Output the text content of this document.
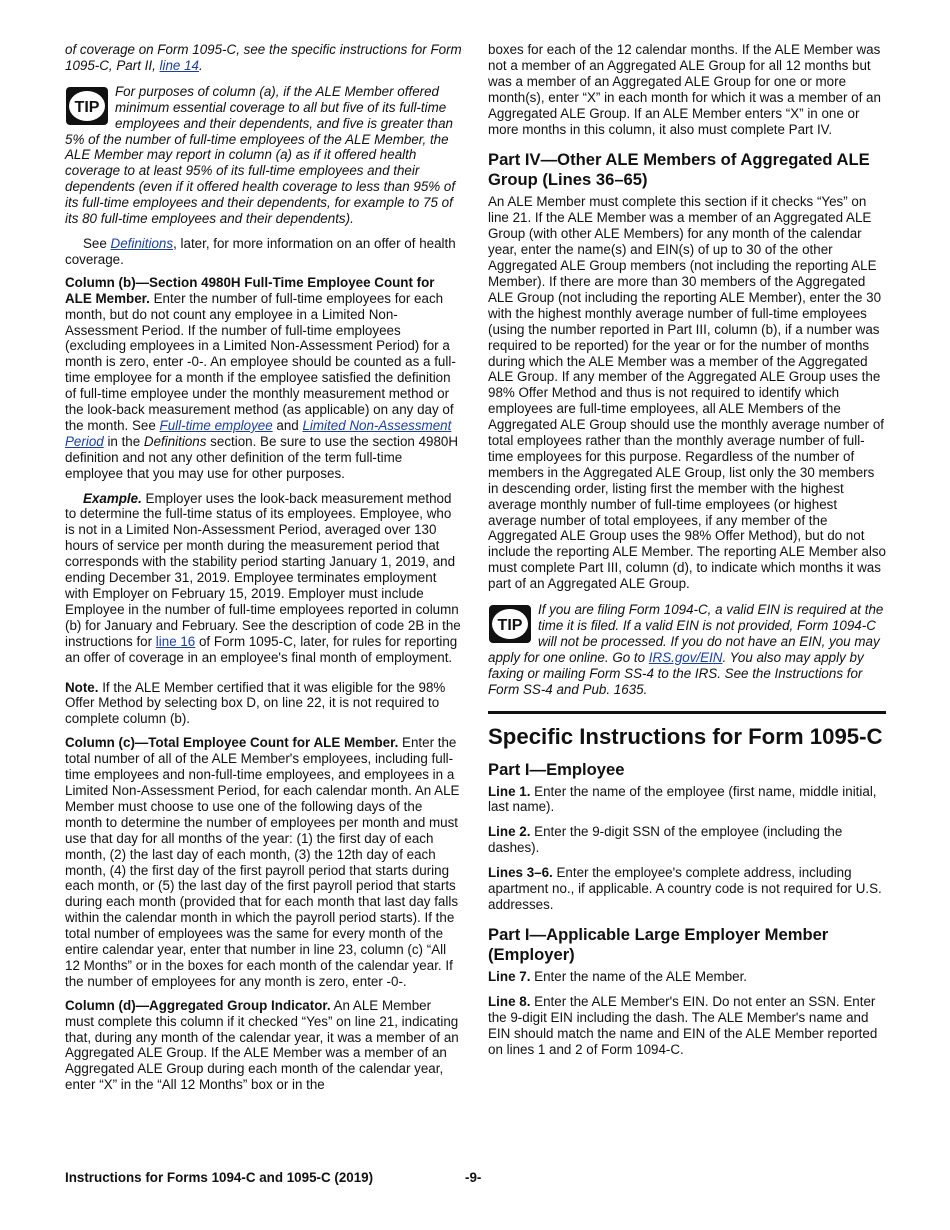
of coverage on Form 1095-C, see the specific instructions for Form 1095-C, Part II, line 14.

TIP

For purposes of column (a), if the ALE Member offered minimum essential coverage to all but five of its full-time employees and their dependents, and five is greater than 5% of the number of full-time employees of the ALE Member, the ALE Member may report in column (a) as if it offered health coverage to at least 95% of its full-time employees and their dependents (even if it offered health coverage to less than 95% of its full-time employees and their dependents, for example to 75 of its 80 full-time employees and their dependents).

See Definitions, later, for more information on an offer of health coverage.

Column (b)—Section 4980H Full-Time Employee Count for ALE Member. Enter the number of full-time employees for each month, but do not count any employee in a Limited Non-Assessment Period. If the number of full-time employees (excluding employees in a Limited Non-Assessment Period) for a month is zero, enter -0-. An employee should be counted as a full-time employee for a month if the employee satisfied the definition of full-time employee under the monthly measurement method or the look-back measurement method (as applicable) on any day of the month. See Full-time employee and Limited Non-Assessment Period in the Definitions section. Be sure to use the section 4980H definition and not any other definition of the term full-time employee that you may use for other purposes.

Example. Employer uses the look-back measurement method to determine the full-time status of its employees. Employee, who is not in a Limited Non-Assessment Period, averaged over 130 hours of service per month during the measurement period that corresponds with the stability period starting January 1, 2019, and ending December 31, 2019. Employee terminates employment with Employer on February 15, 2019. Employer must include Employee in the number of full-time employees reported in column (b) for January and February. See the description of code 2B in the instructions for line 16 of Form 1095-C, later, for rules for reporting an offer of coverage in an employee's final month of employment.

Note. If the ALE Member certified that it was eligible for the 98% Offer Method by selecting box D, on line 22, it is not required to complete column (b).

Column (c)—Total Employee Count for ALE Member. Enter the total number of all of the ALE Member's employees, including full-time employees and non-full-time employees, and employees in a Limited Non-Assessment Period, for each calendar month. An ALE Member must choose to use one of the following days of the month to determine the number of employees per month and must use that day for all months of the year: (1) the first day of each month, (2) the last day of each month, (3) the 12th day of each month, (4) the first day of the first payroll period that starts during each month, or (5) the last day of the first payroll period that starts during each month (provided that for each month that last day falls within the calendar month in which the payroll period starts). If the total number of employees was the same for every month of the entire calendar year, enter that number in line 23, column (c) “All 12 Months” or in the boxes for each month of the calendar year. If the number of employees for any month is zero, enter -0-.

Column (d)—Aggregated Group Indicator. An ALE Member must complete this column if it checked “Yes” on line 21, indicating that, during any month of the calendar year, it was a member of an Aggregated ALE Group. If the ALE Member was a member of an Aggregated ALE Group during each month of the calendar year, enter “X” in the “All 12 Months” box or in the

boxes for each of the 12 calendar months. If the ALE Member was not a member of an Aggregated ALE Group for all 12 months but was a member of an Aggregated ALE Group for one or more month(s), enter “X” in each month for which it was a member of an Aggregated ALE Group. If an ALE Member enters “X” in one or more months in this column, it also must complete Part IV.

Part IV—Other ALE Members of Aggregated ALE Group (Lines 36–65)

An ALE Member must complete this section if it checks “Yes” on line 21. If the ALE Member was a member of an Aggregated ALE Group (with other ALE Members) for any month of the calendar year, enter the name(s) and EIN(s) of up to 30 of the other Aggregated ALE Group members (not including the reporting ALE Member). If there are more than 30 members of the Aggregated ALE Group (not including the reporting ALE Member), enter the 30 with the highest monthly average number of full-time employees (using the number reported in Part III, column (b), if a number was required to be reported) for the year or for the number of months during which the ALE Member was a member of the Aggregated ALE Group. If any member of the Aggregated ALE Group uses the 98% Offer Method and thus is not required to identify which employees are full-time employees, all ALE Members of the Aggregated ALE Group should use the monthly average number of total employees rather than the monthly average number of full-time employees for this purpose. Regardless of the number of members in the Aggregated ALE Group, list only the 30 members in descending order, listing first the member with the highest average monthly number of full-time employees (or highest average number of total employees, if any member of the Aggregated ALE Group uses the 98% Offer Method), but do not include the reporting ALE Member. The reporting ALE Member also must complete Part III, column (d), to indicate which months it was part of an Aggregated ALE Group.

TIP

If you are filing Form 1094-C, a valid EIN is required at the time it is filed. If a valid EIN is not provided, Form 1094-C will not be processed. If you do not have an EIN, you may apply for one online. Go to IRS.gov/EIN. You also may apply by faxing or mailing Form SS-4 to the IRS. See the Instructions for Form SS-4 and Pub. 1635.

Specific Instructions for Form 1095-C
Part I—Employee

Line 1. Enter the name of the employee (first name, middle initial, last name).

Line 2. Enter the 9-digit SSN of the employee (including the dashes).

Lines 3–6. Enter the employee's complete address, including apartment no., if applicable. A country code is not required for U.S. addresses.

Part I—Applicable Large Employer Member (Employer)

Line 7. Enter the name of the ALE Member.

Line 8. Enter the ALE Member's EIN. Do not enter an SSN. Enter the 9-digit EIN including the dash. The ALE Member's name and EIN should match the name and EIN of the ALE Member reported on lines 1 and 2 of Form 1094-C.

Instructions for Forms 1094-C and 1095-C (2019)	-9-
